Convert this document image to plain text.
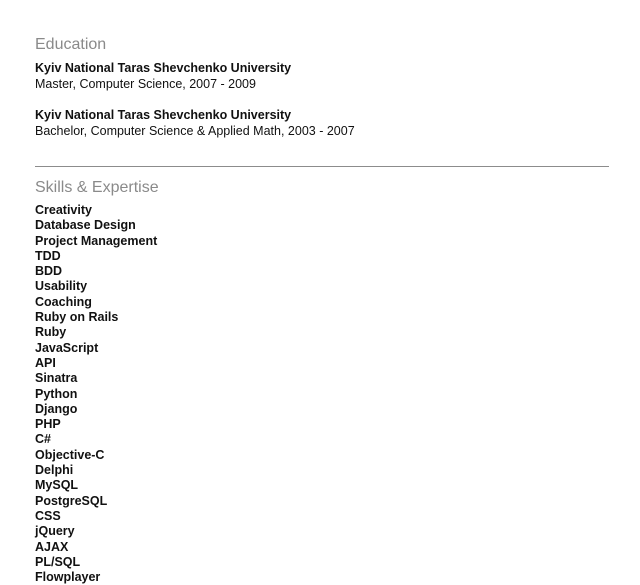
Education
Kyiv National Taras Shevchenko University
Master, Computer Science, 2007 - 2009
Kyiv National Taras Shevchenko University
Bachelor, Computer Science & Applied Math, 2003 - 2007
Skills & Expertise
Creativity
Database Design
Project Management
TDD
BDD
Usability
Coaching
Ruby on Rails
Ruby
JavaScript
API
Sinatra
Python
Django
PHP
C#
Objective-C
Delphi
MySQL
PostgreSQL
CSS
jQuery
AJAX
PL/SQL
Flowplayer
